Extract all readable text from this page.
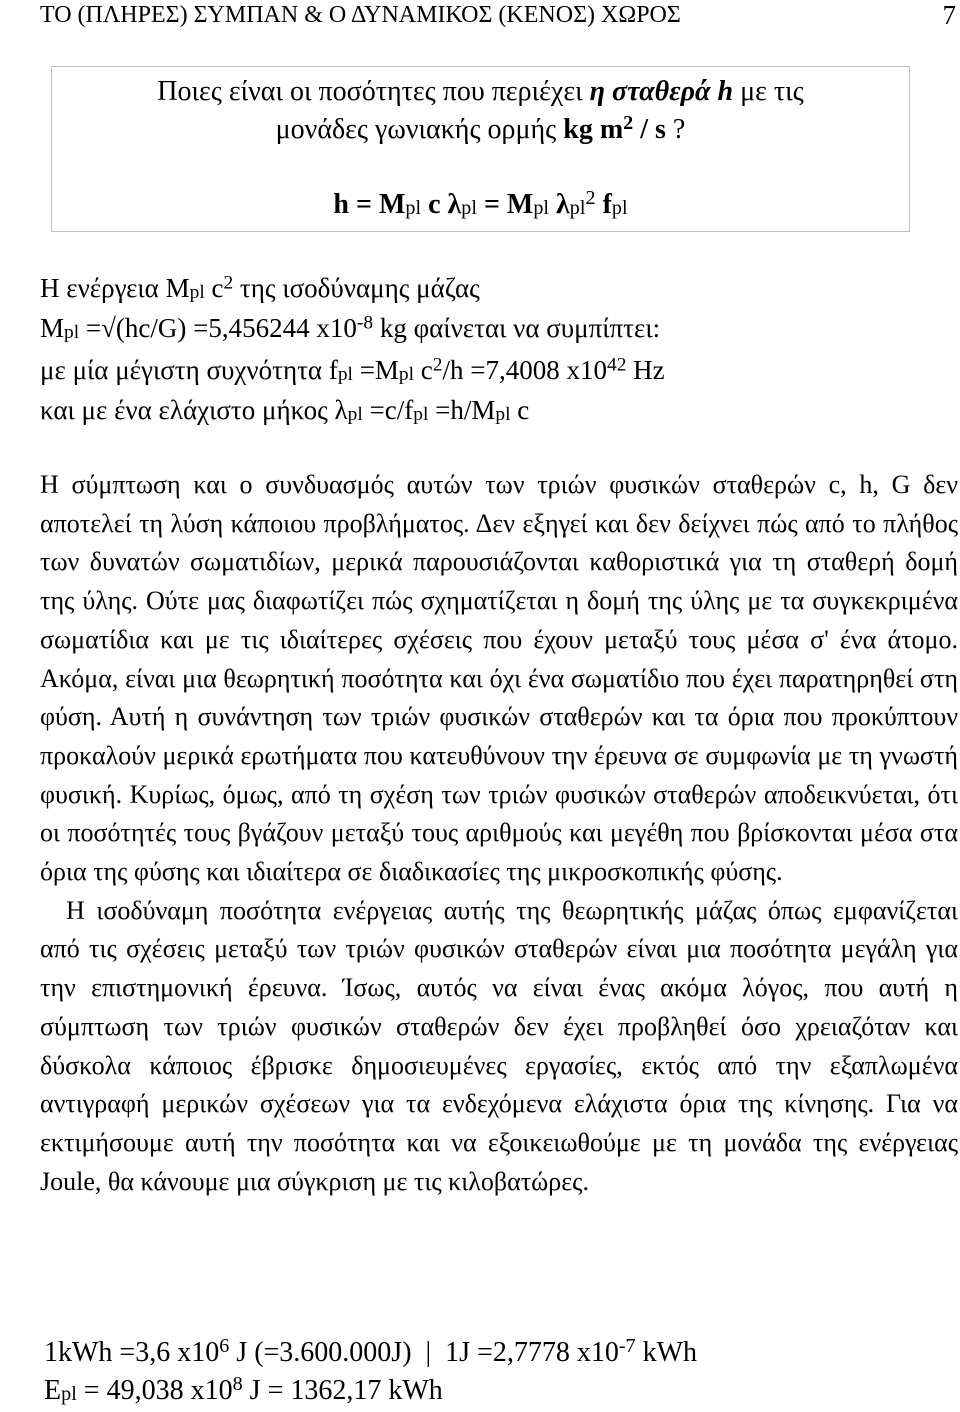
ΤΟ (ΠΛΗΡΕΣ) ΣΥΜΠΑΝ & Ο ΔΥΝΑΜΙΚΟΣ (ΚΕΝΟΣ) ΧΩΡΟΣ	7
Ποιες είναι οι ποσότητες που περιέχει η σταθερά h με τις
μονάδες γωνιακής ορμής kg $m^2$ / s ?
$h = M_{pl}$ c $\lambda_{pl} = M_{pl}$ $\lambda_{pl}^2$ $f_{pl}$
Η ενέργεια $M_{pl}$ $c^2$ της ισοδύναμης μάζας
$M_{pl} =√(hc/G) =5,456244$ $x10^{-8}$ kg φαίνεται να συμπίπτει:
με μία μέγιστη συχνότητα $f_{pl} =M_{pl}$ $c^2/h =7,4008$ $x10^{42}$ Hz
και με ένα ελάχιστο μήκος $\lambda_{pl} =c/f_{pl} =h/M_{pl}$ c

Η σύμπτωση και ο συνδυασμός αυτών των τριών φυσικών σταθερών c, h, G δεν αποτελεί τη λύση κάποιου προβλήματος. Δεν εξηγεί και δεν δείχνει πώς από το πλήθος των δυνατών σωματιδίων, μερικά παρουσιάζονται καθοριστικά για τη σταθερή δομή της ύλης. Ούτε μας διαφωτίζει πώς σχηματίζεται η δομή της ύλης με τα συγκεκριμένα σωματίδια και με τις ιδιαίτερες σχέσεις που έχουν μεταξύ τους μέσα σ' ένα άτομο. Ακόμα, είναι μια θεωρητική ποσότητα και όχι ένα σωματίδιο που έχει παρατηρηθεί στη φύση. Αυτή η συνάντηση των τριών φυσικών σταθερών και τα όρια που προκύπτουν προκαλούν μερικά ερωτήματα που κατευθύνουν την έρευνα σε συμφωνία με τη γνωστή φυσική. Κυρίως, όμως, από τη σχέση των τριών φυσικών σταθερών αποδεικνύεται, ότι οι ποσότητές τους βγάζουν μεταξύ τους αριθμούς και μεγέθη που βρίσκονται μέσα στα όρια της φύσης και ιδιαίτερα σε διαδικασίες της μικροσκοπικής φύσης.

Η ισοδύναμη ποσότητα ενέργειας αυτής της θεωρητικής μάζας όπως εμφανίζεται από τις σχέσεις μεταξύ των τριών φυσικών σταθερών είναι μια ποσότητα μεγάλη για την επιστημονική έρευνα. Ίσως, αυτός να είναι ένας ακόμα λόγος, που αυτή η σύμπτωση των τριών φυσικών σταθερών δεν έχει προβληθεί όσο χρειαζόταν και δύσκολα κάποιος έβρισκε δημοσιευμένες εργασίες, εκτός από την εξαπλωμένα αντιγραφή μερικών σχέσεων για τα ενδεχόμενα ελάχιστα όρια της κίνησης. Για να εκτιμήσουμε αυτή την ποσότητα και να εξοικειωθούμε με τη μονάδα της ενέργειας Joule, θα κάνουμε μια σύγκριση με τις κιλοβατώρες.

1kWh =3,6 $x10^6$ J (=3.600.000J)  |  1J =2,7778 $x10^{-7}$ kWh
$E_{pl} = 49,038$ $x10^8$ J = 1362,17 kWh
